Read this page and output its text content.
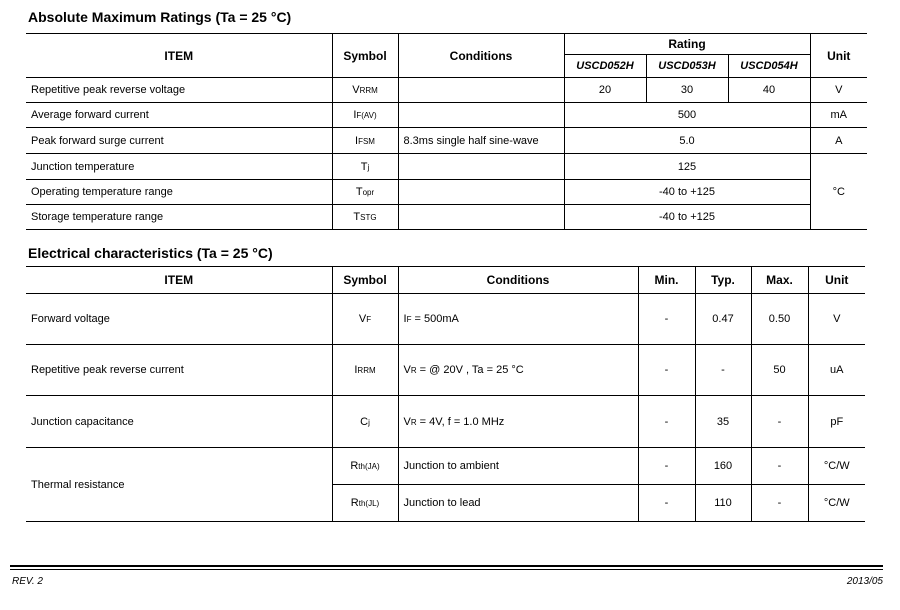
Absolute Maximum Ratings (Ta = 25 °C)
ITEM	Symbol	Conditions	Rating			Unit
			USCD052H	USCD053H	USCD054H	
Repetitive peak reverse voltage	VRRM		20	30	40	V
Average forward current	IF(AV)		500			mA
Peak forward surge current	IFSM	8.3ms single half sine-wave	5.0			A
Junction temperature	Tj		125			°C
Operating temperature range	Topr		-40 to +125			
Storage temperature range	TSTG		-40 to +125			
Electrical characteristics (Ta = 25 °C)
ITEM	Symbol	Conditions	Min.	Typ.	Max.	Unit
Forward voltage	VF	IF = 500mA	-	0.47	0.50	V
Repetitive peak reverse current	IRRM	VR = @ 20V , Ta = 25 °C	-	-	50	uA
Junction capacitance	Cj	VR = 4V, f = 1.0 MHz	-	35	-	pF
Thermal resistance	Rth(JA)	Junction to ambient	-	160	-	°C/W
	Rth(JL)	Junction to lead	-	110	-	°C/W
REV. 2	2013/05
